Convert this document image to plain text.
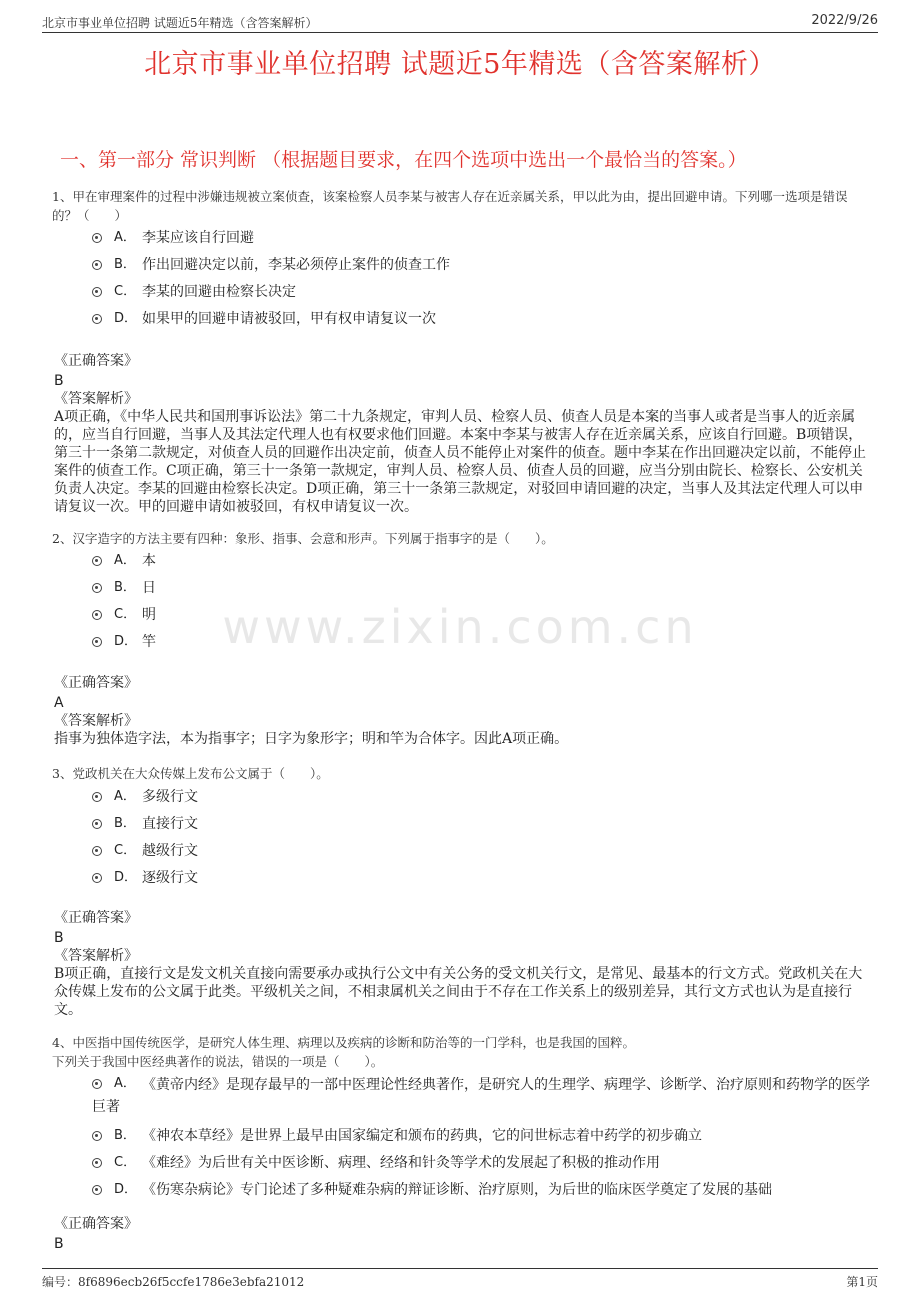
北京市事业单位招聘 试题近5年精选（含答案解析）	2022/9/26
北京市事业单位招聘 试题近5年精选（含答案解析）
www.zixin.com.cn
一、第一部分 常识判断 （根据题目要求，在四个选项中选出一个最恰当的答案。）
1、甲在审理案件的过程中涉嫌违规被立案侦查，该案检察人员李某与被害人存在近亲属关系，甲以此为由，提出回避申请。下列哪一选项是错误的？（　　）
A． 李某应该自行回避
B． 作出回避决定以前，李某必须停止案件的侦查工作
C． 李某的回避由检察长决定
D． 如果甲的回避申请被驳回，甲有权申请复议一次
《正确答案》
B
《答案解析》
A项正确，《中华人民共和国刑事诉讼法》第二十九条规定，审判人员、检察人员、侦查人员是本案的当事人或者是当事人的近亲属的，应当自行回避，当事人及其法定代理人也有权要求他们回避。本案中李某与被害人存在近亲属关系，应该自行回避。B项错误，第三十一条第二款规定，对侦查人员的回避作出决定前，侦查人员不能停止对案件的侦查。题中李某在作出回避决定以前，不能停止案件的侦查工作。C项正确，第三十一条第一款规定，审判人员、检察人员、侦查人员的回避，应当分别由院长、检察长、公安机关负责人决定。李某的回避由检察长决定。D项正确，第三十一条第三款规定，对驳回申请回避的决定，当事人及其法定代理人可以申请复议一次。甲的回避申请如被驳回，有权申请复议一次。
2、汉字造字的方法主要有四种：象形、指事、会意和形声。下列属于指事字的是（　　）。
A． 本
B． 日
C． 明
D． 竿
《正确答案》
A
《答案解析》
指事为独体造字法，本为指事字；日字为象形字；明和竿为合体字。因此A项正确。
3、党政机关在大众传媒上发布公文属于（　　）。
A． 多级行文
B． 直接行文
C． 越级行文
D． 逐级行文
《正确答案》
B
《答案解析》
B项正确，直接行文是发文机关直接向需要承办或执行公文中有关公务的受文机关行文，是常见、最基本的行文方式。党政机关在大众传媒上发布的公文属于此类。平级机关之间，不相隶属机关之间由于不存在工作关系上的级别差异，其行文方式也认为是直接行文。
4、中医指中国传统医学，是研究人体生理、病理以及疾病的诊断和防治等的一门学科，也是我国的国粹。
下列关于我国中医经典著作的说法，错误的一项是（　　）。
A． 《黄帝内经》是现存最早的一部中医理论性经典著作，是研究人的生理学、病理学、诊断学、治疗原则和药物学的医学巨著
B． 《神农本草经》是世界上最早由国家编定和颁布的药典，它的问世标志着中药学的初步确立
C． 《难经》为后世有关中医诊断、病理、经络和针灸等学术的发展起了积极的推动作用
D． 《伤寒杂病论》专门论述了多种疑难杂病的辩证诊断、治疗原则，为后世的临床医学奠定了发展的基础
《正确答案》
B
编号：8f6896ecb26f5ccfe1786e3ebfa21012	第1页
